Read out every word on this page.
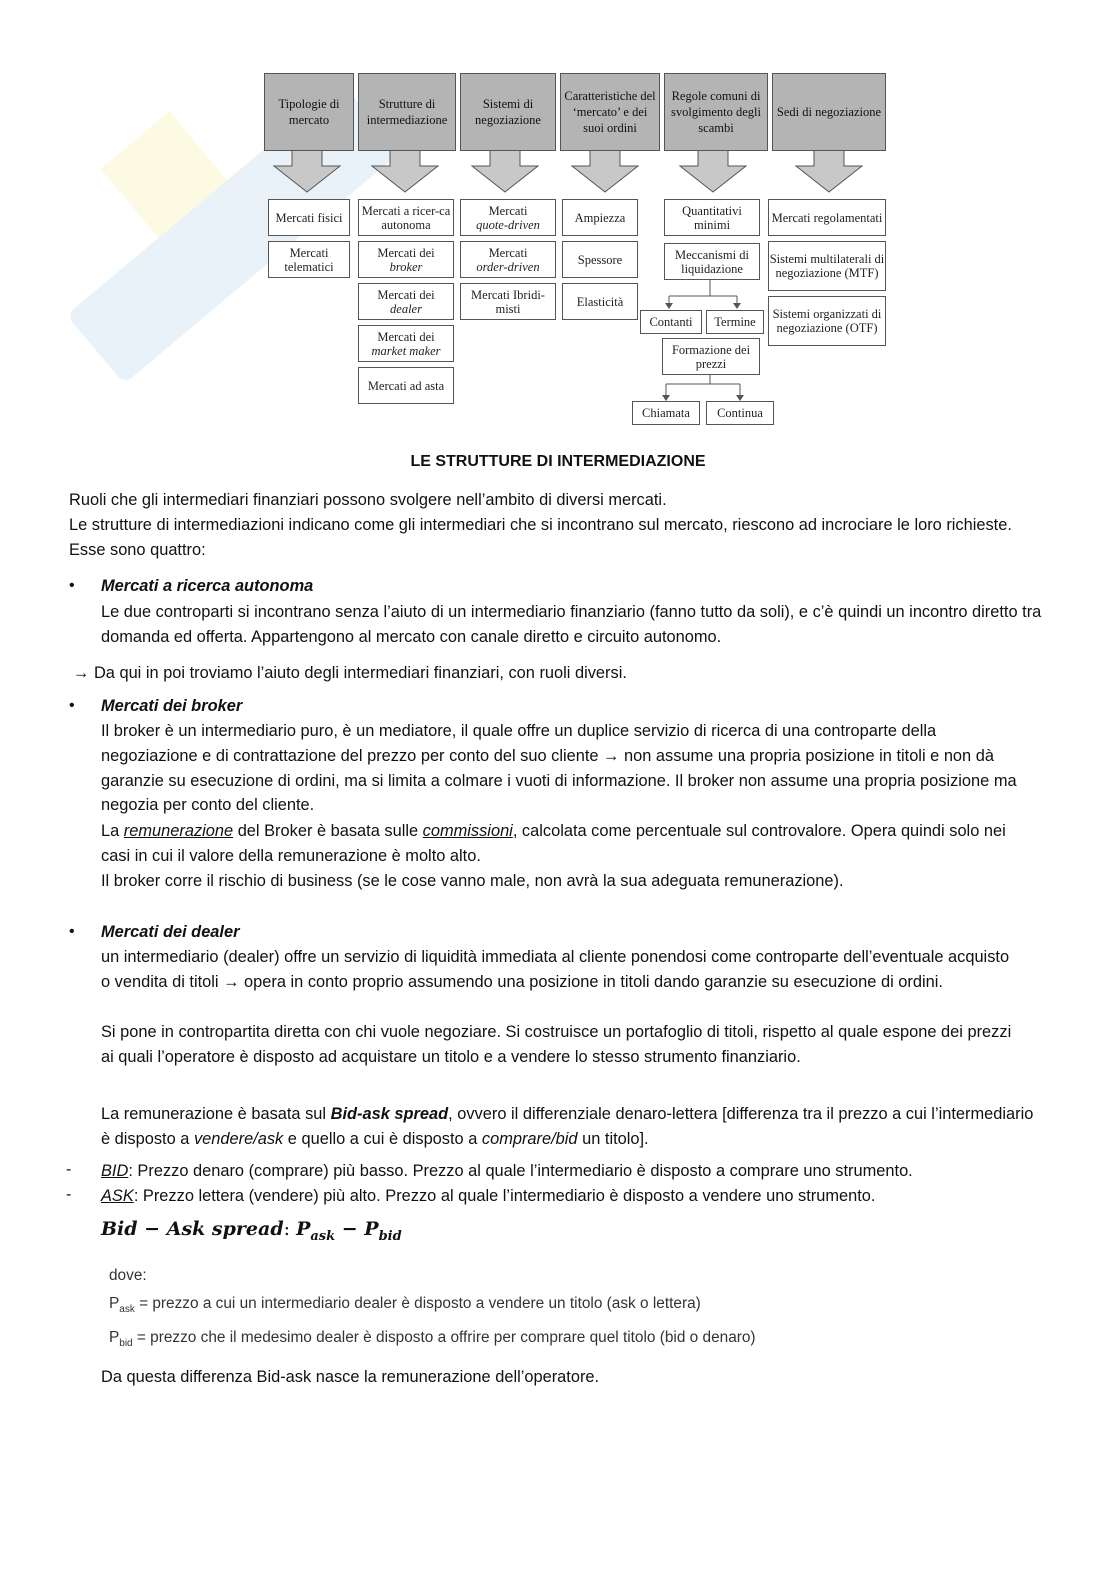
Tipologie di mercato
Strutture di intermediazione
Sistemi di negoziazione
Caratteristiche del ‘mercato’ e dei suoi ordini
Regole comuni di svolgimento degli scambi
Sedi di negoziazione
Mercati fisici
Mercati telematici
Mercati a ricer-ca autonoma
Mercati dei
broker
Mercati dei
dealer
Mercati dei
market maker
Mercati ad asta
Mercati
quote-driven
Mercati
order-driven
Mercati Ibridi-misti
Ampiezza
Spessore
Elasticità
Quantitativi minimi
Meccanismi di liquidazione
Contanti	Termine
Formazione dei prezzi
Chiamata	Continua
Mercati regolamentati
Sistemi multilaterali di negoziazione (MTF)
Sistemi organizzati di negoziazione (OTF)
LE STRUTTURE DI INTERMEDIAZIONE

Ruoli che gli intermediari finanziari possono svolgere nell’ambito di diversi mercati.

Le strutture di intermediazioni indicano come gli intermediari che si incontrano sul mercato, riescono ad incrociare le loro richieste. Esse sono quattro:

• Mercati a ricerca autonoma

Le due controparti si incontrano senza l’aiuto di un intermediario finanziario (fanno tutto da soli), e c’è quindi un incontro diretto tra domanda ed offerta. Appartengono al mercato con canale diretto e circuito autonomo.

→ Da qui in poi troviamo l’aiuto degli intermediari finanziari, con ruoli diversi.

• Mercati dei broker

Il broker è un intermediario puro, è un mediatore, il quale offre un duplice servizio di ricerca di una controparte della negoziazione e di contrattazione del prezzo per conto del suo cliente → non assume una propria posizione in titoli e non dà garanzie su esecuzione di ordini, ma si limita a colmare i vuoti di informazione. Il broker non assume una propria posizione ma negozia per conto del cliente.

La remunerazione del Broker è basata sulle commissioni, calcolata come percentuale sul controvalore. Opera quindi solo nei casi in cui il valore della remunerazione è molto alto.

Il broker corre il rischio di business (se le cose vanno male, non avrà la sua adeguata remunerazione).

• Mercati dei dealer

un intermediario (dealer) offre un servizio di liquidità immediata al cliente ponendosi come controparte dell’eventuale acquisto o vendita di titoli → opera in conto proprio assumendo una posizione in titoli dando garanzie su esecuzione di ordini.

Si pone in contropartita diretta con chi vuole negoziare. Si costruisce un portafoglio di titoli, rispetto al quale espone dei prezzi ai quali l’operatore è disposto ad acquistare un titolo e a vendere lo stesso strumento finanziario.

La remunerazione è basata sul Bid-ask spread, ovvero il differenziale denaro-lettera [differenza tra il prezzo a cui l’intermediario è disposto a vendere/ask e quello a cui è disposto a comprare/bid un titolo].

- BID: Prezzo denaro (comprare) più basso. Prezzo al quale l’intermediario è disposto a comprare uno strumento.

- ASK: Prezzo lettera (vendere) più alto. Prezzo al quale l’intermediario è disposto a vendere uno strumento.

Bid − Ask spread: $P_{ask} - P_{bid}$
dove:
$P_{ask}$ = prezzo a cui un intermediario dealer è disposto a vendere un titolo (ask o lettera)
$P_{bid}$ = prezzo che il medesimo dealer è disposto a offrire per comprare quel titolo (bid o denaro)

Da questa differenza Bid-ask nasce la remunerazione dell’operatore.
